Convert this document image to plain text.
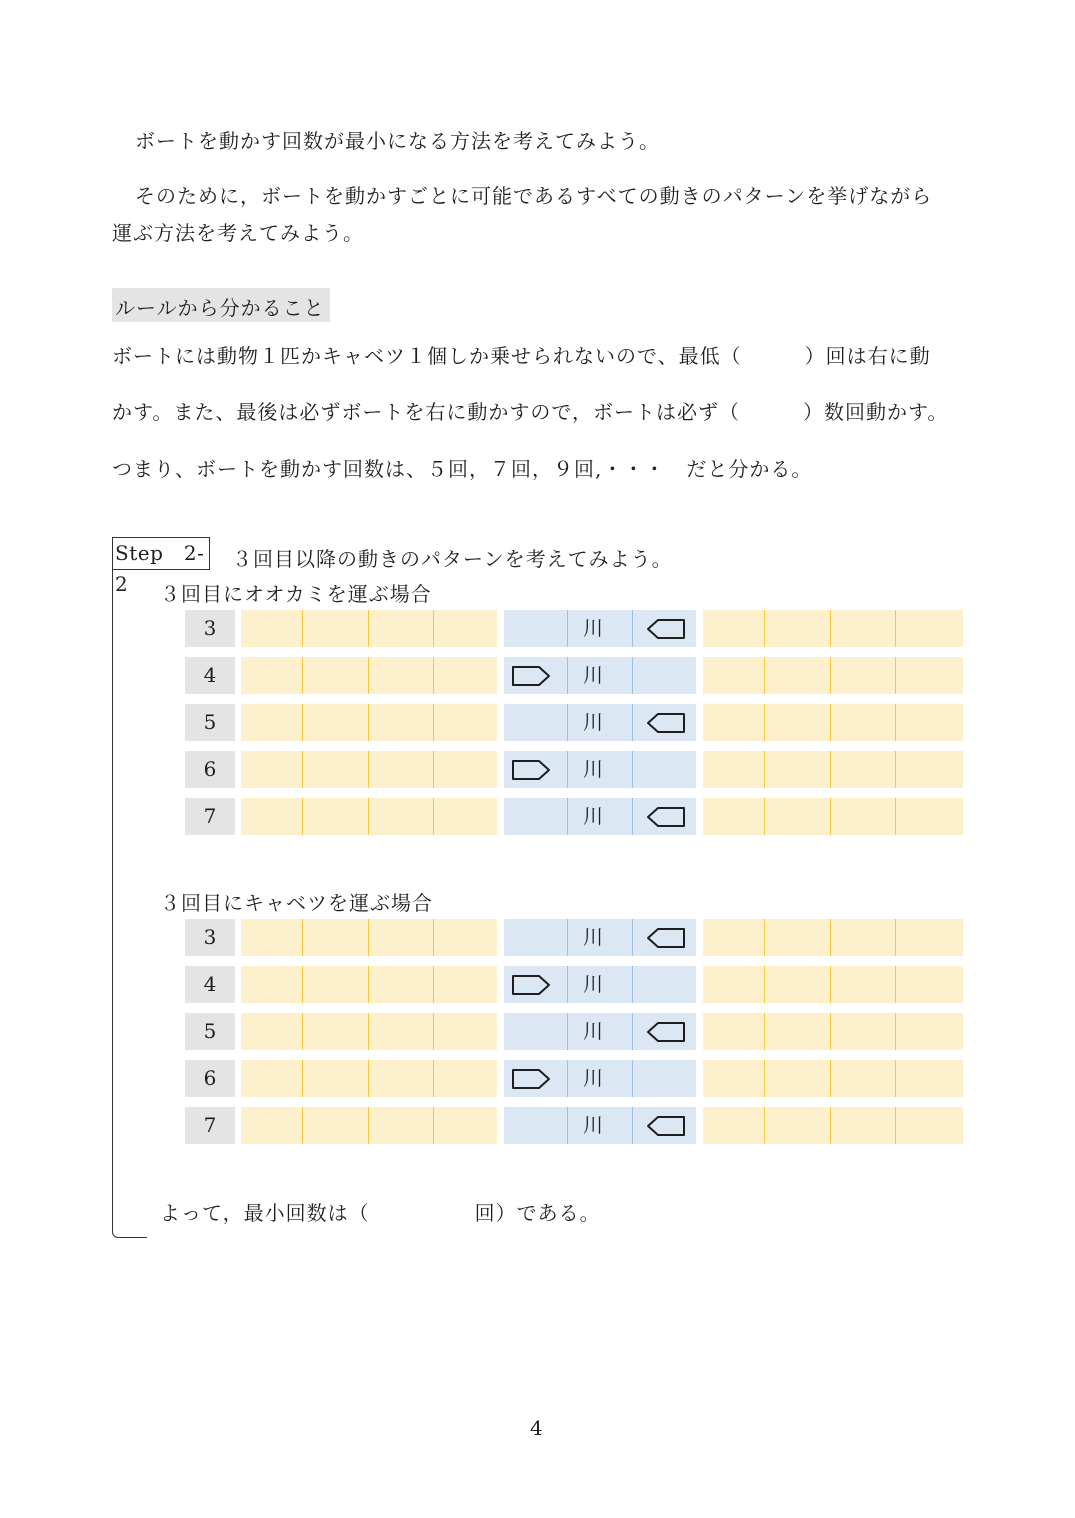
ボートを動かす回数が最小になる方法を考えてみよう。
そのために，ボートを動かすごとに可能であるすべての動きのパターンを挙げながら
運ぶ方法を考えてみよう。
ルールから分かること
ボートには動物１匹かキャベツ１個しか乗せられないので、最低（　　　）回は右に動
かす。また、最後は必ずボートを右に動かすので，ボートは必ず（　　　）数回動かす。
つまり、ボートを動かす回数は、５回，７回，９回,・・・　だと分かる。
Step　2-2
３回目以降の動きのパターンを考えてみよう。
３回目にオオカミを運ぶ場合
3	川
4	川
5	川
6	川
7	川
３回目にキャベツを運ぶ場合
3	川
4	川
5	川
6	川
7	川
よって，最小回数は（　　　　　回）である。
4
